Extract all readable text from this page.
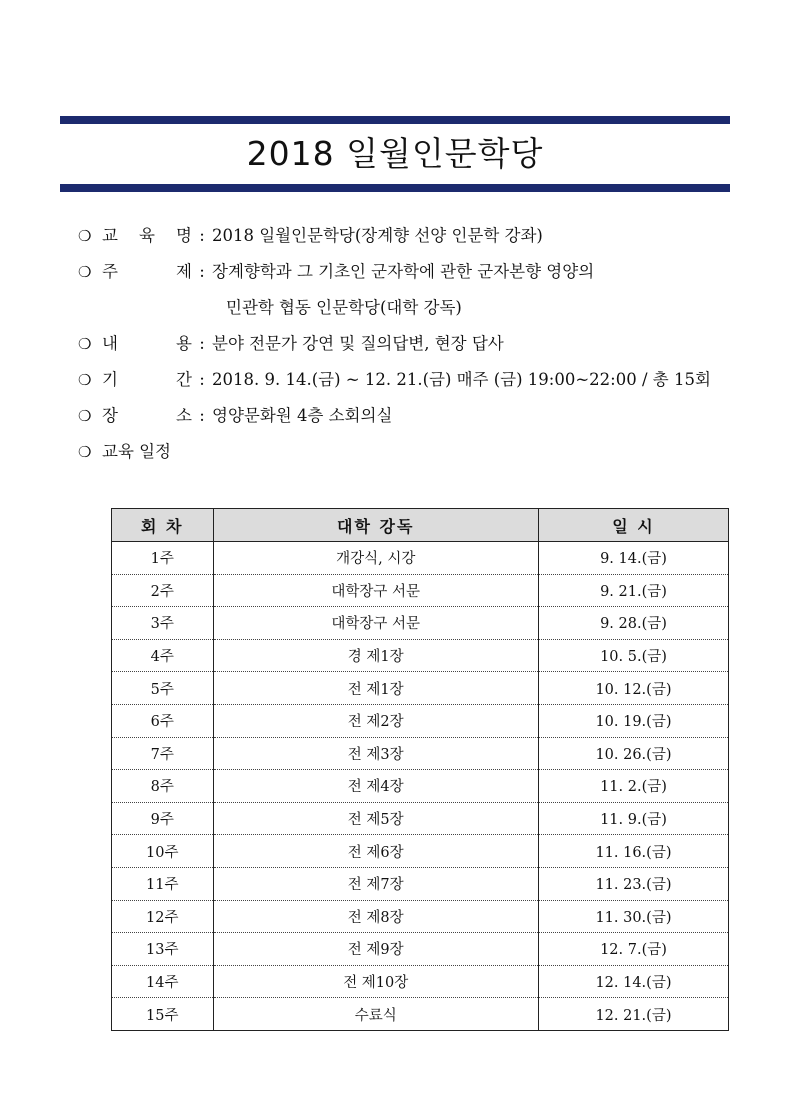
2018 일월인문학당
❍ 교 육 명 : 2018 일월인문학당(장계향 선양 인문학 강좌)
❍ 주	제 : 장계향학과 그 기초인 군자학에 관한 군자본향 영양의
민관학 협동 인문학당(대학 강독)
❍ 내	용 : 분야 전문가 강연 및 질의답변, 현장 답사
❍ 기	간 : 2018. 9. 14.(금) ~ 12. 21.(금) 매주 (금) 19:00~22:00 / 총 15회
❍ 장	소 : 영양문화원 4층 소회의실
❍ 교육 일정
회 차	대학 강독	일 시
1주	개강식, 시강	9. 14.(금)
2주	대학장구 서문	9. 21.(금)
3주	대학장구 서문	9. 28.(금)
4주	경 제1장	10. 5.(금)
5주	전 제1장	10. 12.(금)
6주	전 제2장	10. 19.(금)
7주	전 제3장	10. 26.(금)
8주	전 제4장	11. 2.(금)
9주	전 제5장	11. 9.(금)
10주	전 제6장	11. 16.(금)
11주	전 제7장	11. 23.(금)
12주	전 제8장	11. 30.(금)
13주	전 제9장	12. 7.(금)
14주	전 제10장	12. 14.(금)
15주	수료식	12. 21.(금)
